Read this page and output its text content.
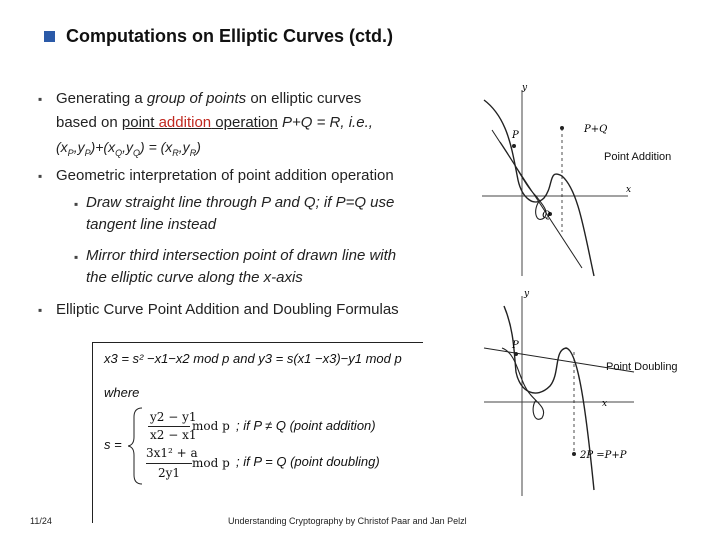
Computations on Elliptic Curves (ctd.)
▪ Generating a group of points on elliptic curves
based on point addition operation P+Q = R, i.e.,
$(x_P,y_P)+(x_Q,y_Q) = (x_R,y_R)$
▪ Geometric interpretation of point addition operation
▪ Draw straight line through P and Q; if P=Q use
tangent line instead
▪ Mirror third intersection point of drawn line with
the elliptic curve along the x-axis
▪ Elliptic Curve Point Addition and Doubling Formulas
x3 = s² −x1−x2 mod p and y3 = s(x1 −x3)−y1 mod p
where
s =
y2 − y1
x2 − x1
mod p ; if P ≠ Q (point addition)
3x1² + a
2y1
mod p ; if P = Q (point doubling)
y
x
P
Q
P+Q
Point Addition
y
x
P
2P =P+P
Point Doubling
11/24	Understanding Cryptography by Christof Paar and Jan Pelzl
